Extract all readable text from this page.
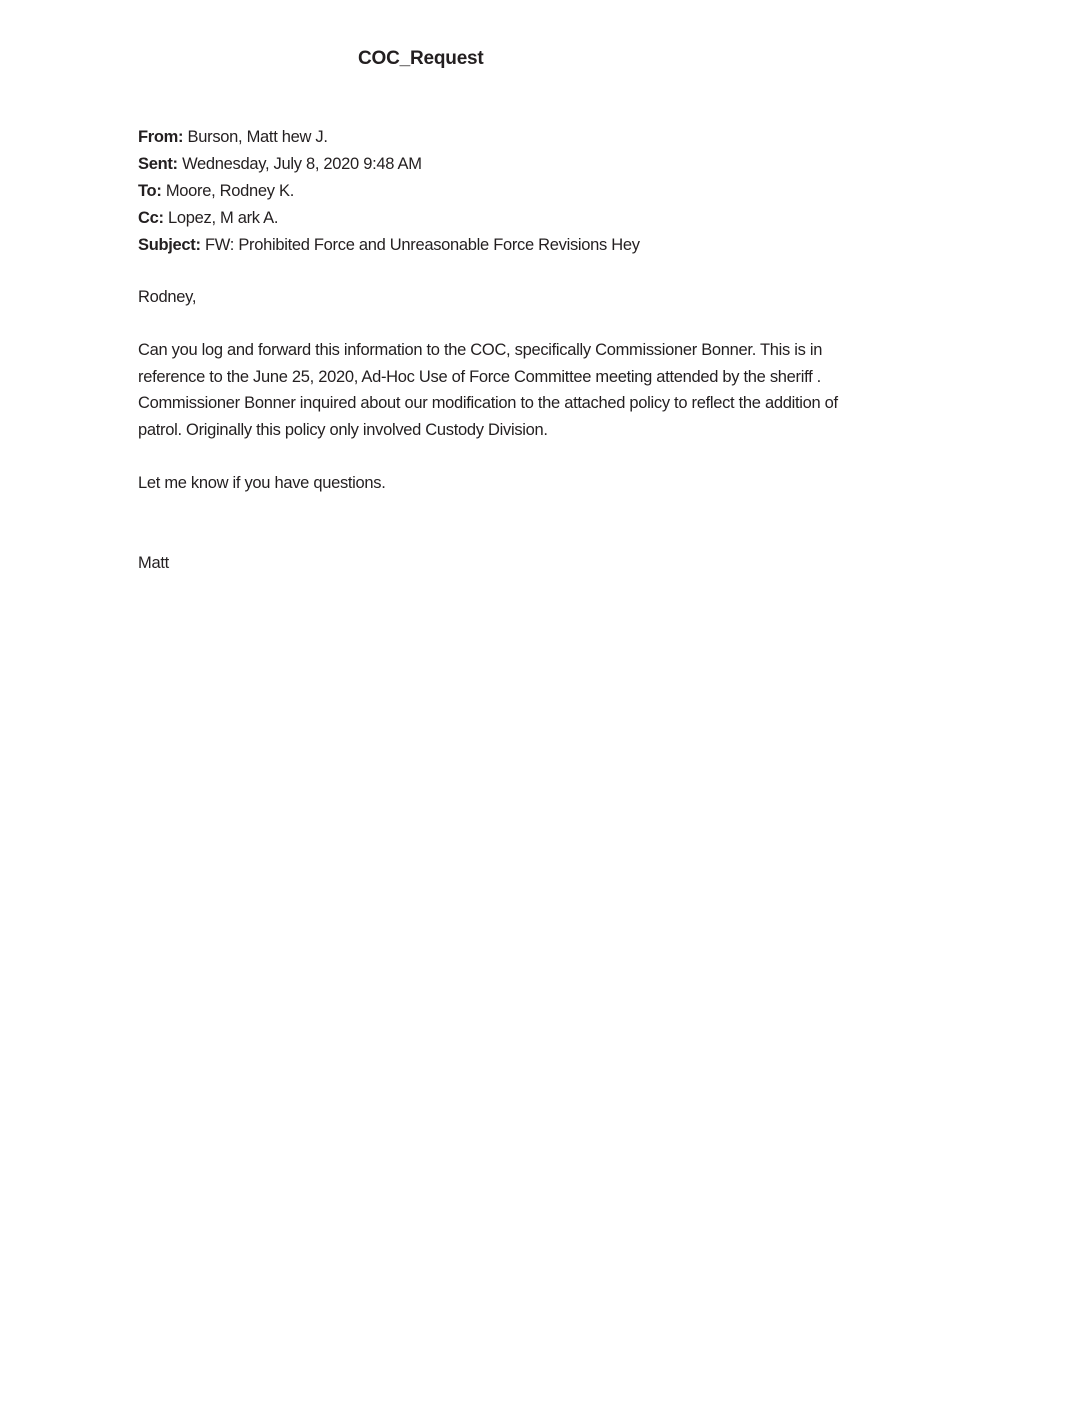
COC_Request
From: Burson, Matt hew J.
Sent: Wednesday, July 8, 2020 9:48 AM
To: Moore, Rodney K.
Cc: Lopez, M ark A.
Subject: FW: Prohibited Force and Unreasonable Force Revisions Hey
Rodney,
Can you log and forward this information to the COC, specifically Commissioner Bonner. This is in
reference to the June 25, 2020, Ad-Hoc Use of Force Committee meeting attended by the sheriff .
Commissioner Bonner inquired about our modification to the attached policy to reflect the addition of
patrol. Originally this policy only involved Custody Division.
Let me know if you have questions.
Matt
